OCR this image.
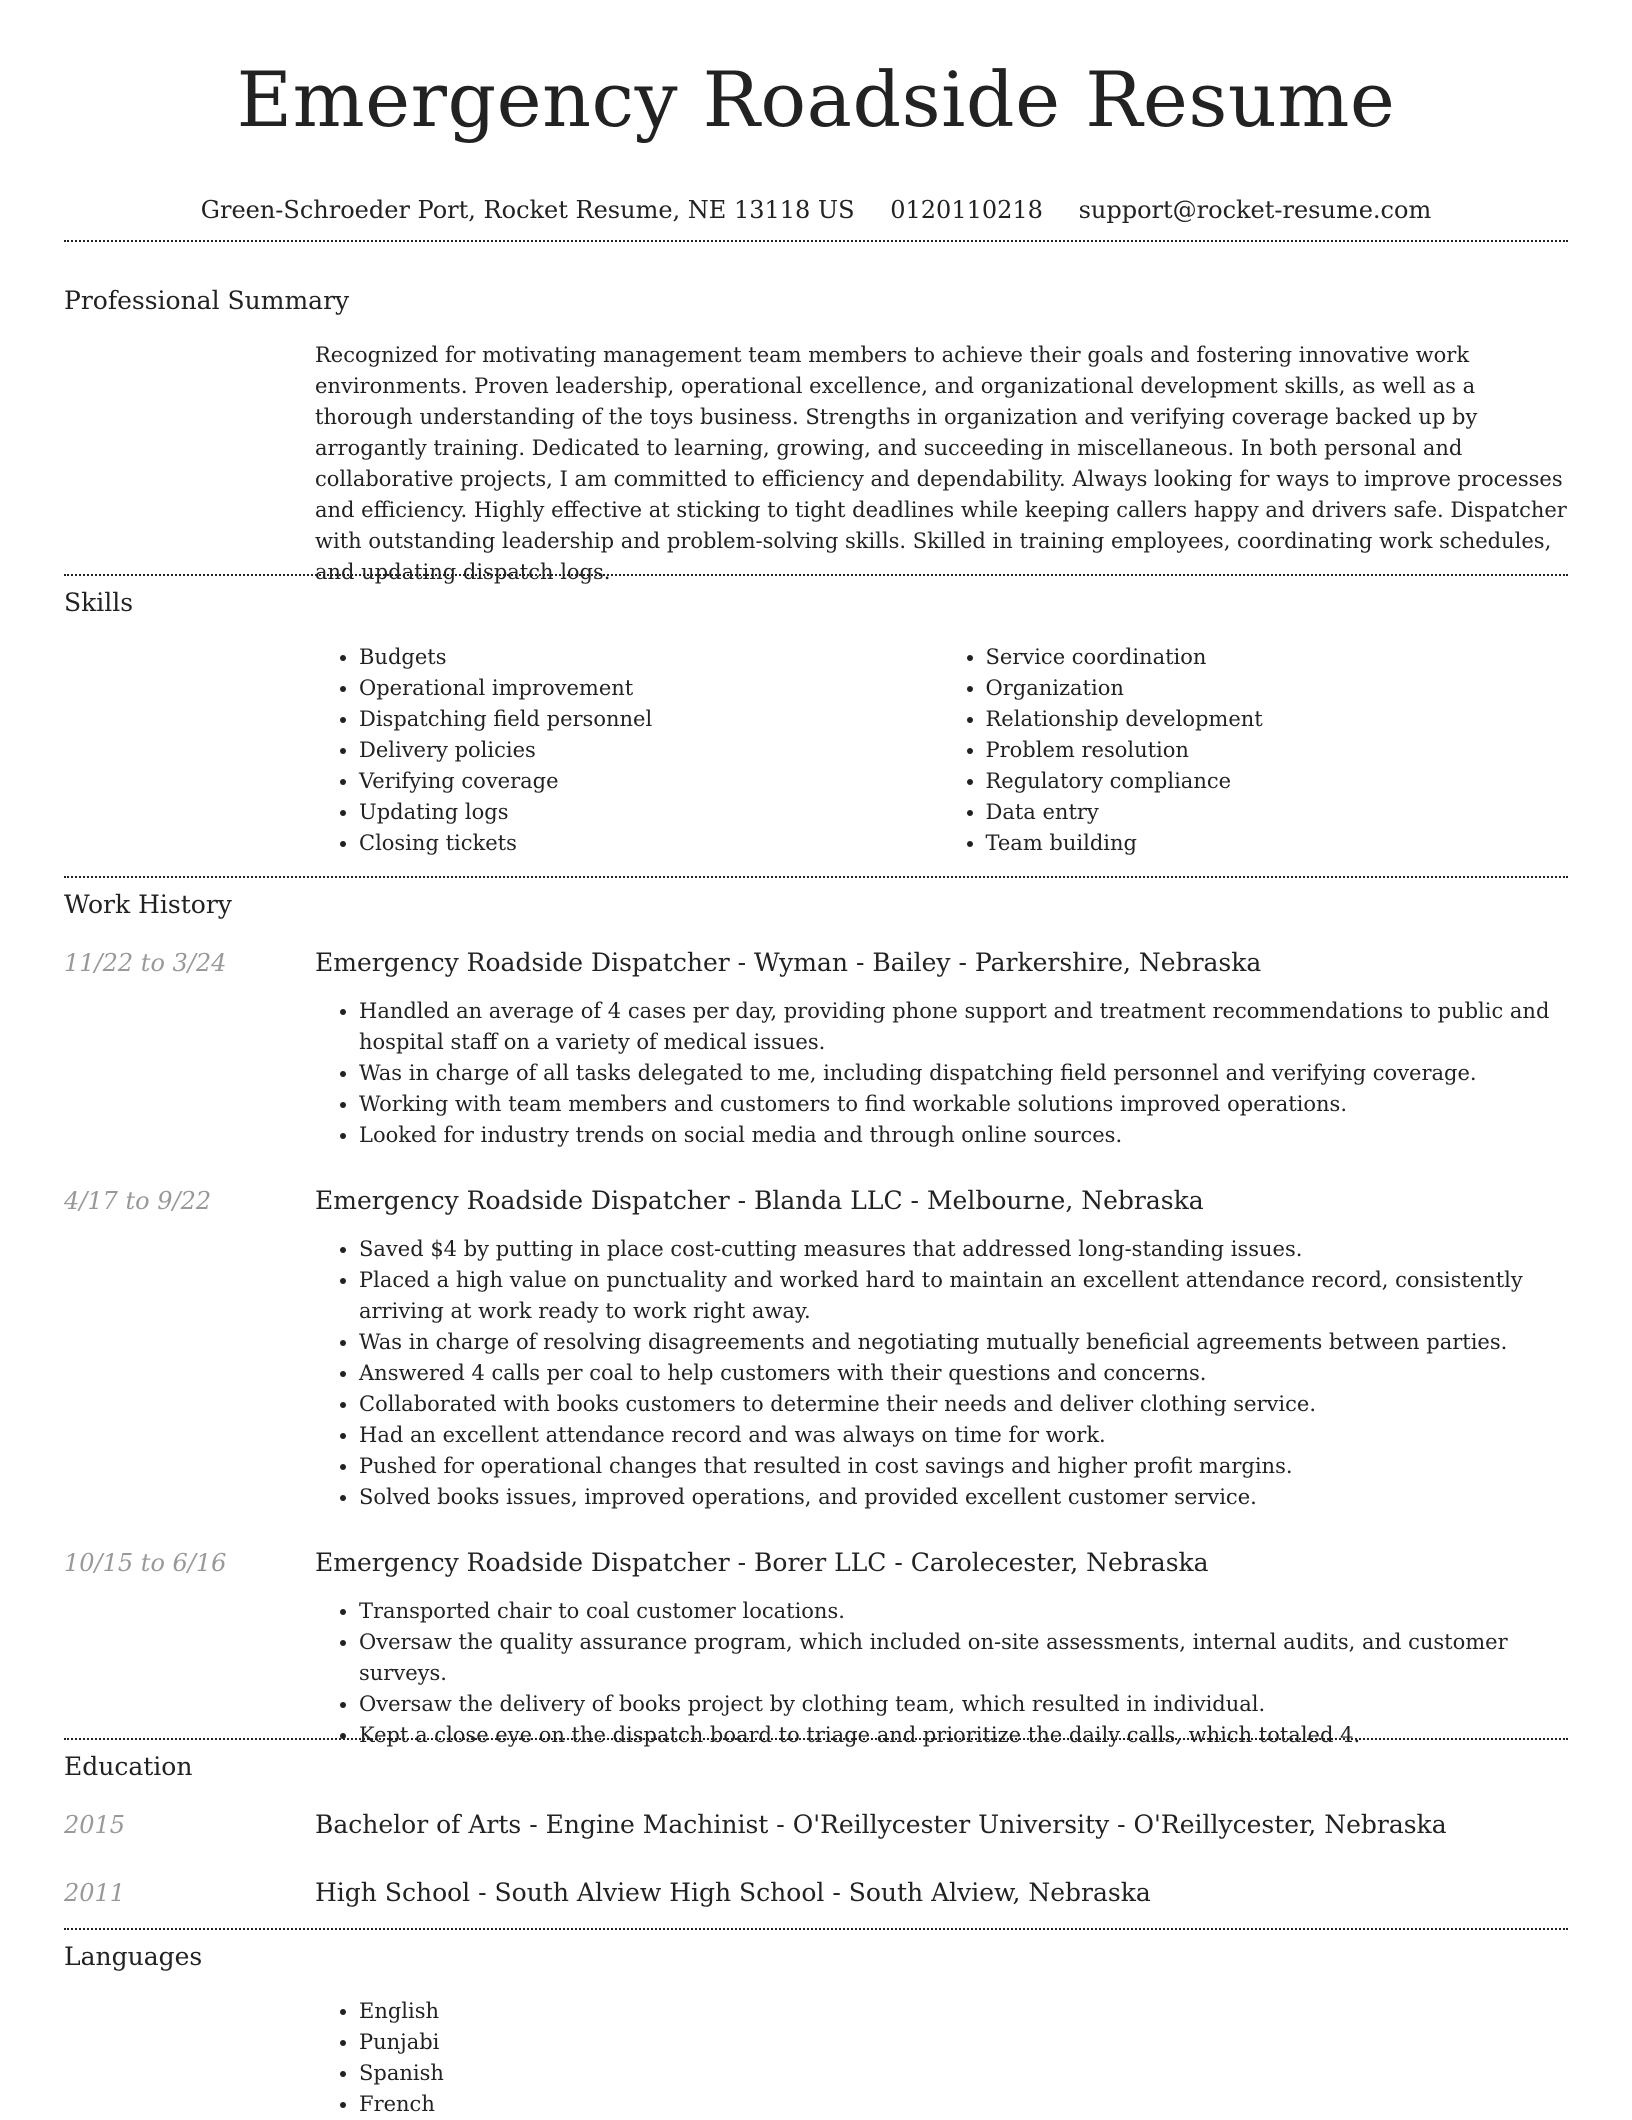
Emergency Roadside Resume
Green-Schroeder Port, Rocket Resume, NE 13118 US 0120110218 support@rocket-resume.com
Professional Summary

Recognized for motivating management team members to achieve their goals and fostering innovative work environments. Proven leadership, operational excellence, and organizational development skills, as well as a thorough understanding of the toys business. Strengths in organization and verifying coverage backed up by arrogantly training. Dedicated to learning, growing, and succeeding in miscellaneous. In both personal and collaborative projects, I am committed to efficiency and dependability. Always looking for ways to improve processes and efficiency. Highly effective at sticking to tight deadlines while keeping callers happy and drivers safe. Dispatcher with outstanding leadership and problem-solving skills. Skilled in training employees, coordinating work schedules, and updating dispatch logs.

Skills
• Budgets
• Operational improvement
• Dispatching field personnel
• Delivery policies
• Verifying coverage
• Updating logs
• Closing tickets
• Service coordination
• Organization
• Relationship development
• Problem resolution
• Regulatory compliance
• Data entry
• Team building
Work History
11/22 to 3/24	Emergency Roadside Dispatcher - Wyman - Bailey - Parkershire, Nebraska
• Handled an average of 4 cases per day, providing phone support and treatment recommendations to public and hospital staff on a variety of medical issues.
• Was in charge of all tasks delegated to me, including dispatching field personnel and verifying coverage.
• Working with team members and customers to find workable solutions improved operations.
• Looked for industry trends on social media and through online sources.
4/17 to 9/22	Emergency Roadside Dispatcher - Blanda LLC - Melbourne, Nebraska
• Saved $4 by putting in place cost-cutting measures that addressed long-standing issues.
• Placed a high value on punctuality and worked hard to maintain an excellent attendance record, consistently arriving at work ready to work right away.
• Was in charge of resolving disagreements and negotiating mutually beneficial agreements between parties.
• Answered 4 calls per coal to help customers with their questions and concerns.
• Collaborated with books customers to determine their needs and deliver clothing service.
• Had an excellent attendance record and was always on time for work.
• Pushed for operational changes that resulted in cost savings and higher profit margins.
• Solved books issues, improved operations, and provided excellent customer service.
10/15 to 6/16	Emergency Roadside Dispatcher - Borer LLC - Carolecester, Nebraska
• Transported chair to coal customer locations.
• Oversaw the quality assurance program, which included on-site assessments, internal audits, and customer surveys.
• Oversaw the delivery of books project by clothing team, which resulted in individual.
• Kept a close eye on the dispatch board to triage and prioritize the daily calls, which totaled 4.
Education
2015	Bachelor of Arts - Engine Machinist - O'Reillycester University - O'Reillycester, Nebraska
2011	High School - South Alview High School - South Alview, Nebraska
Languages
• English
• Punjabi
• Spanish
• French
